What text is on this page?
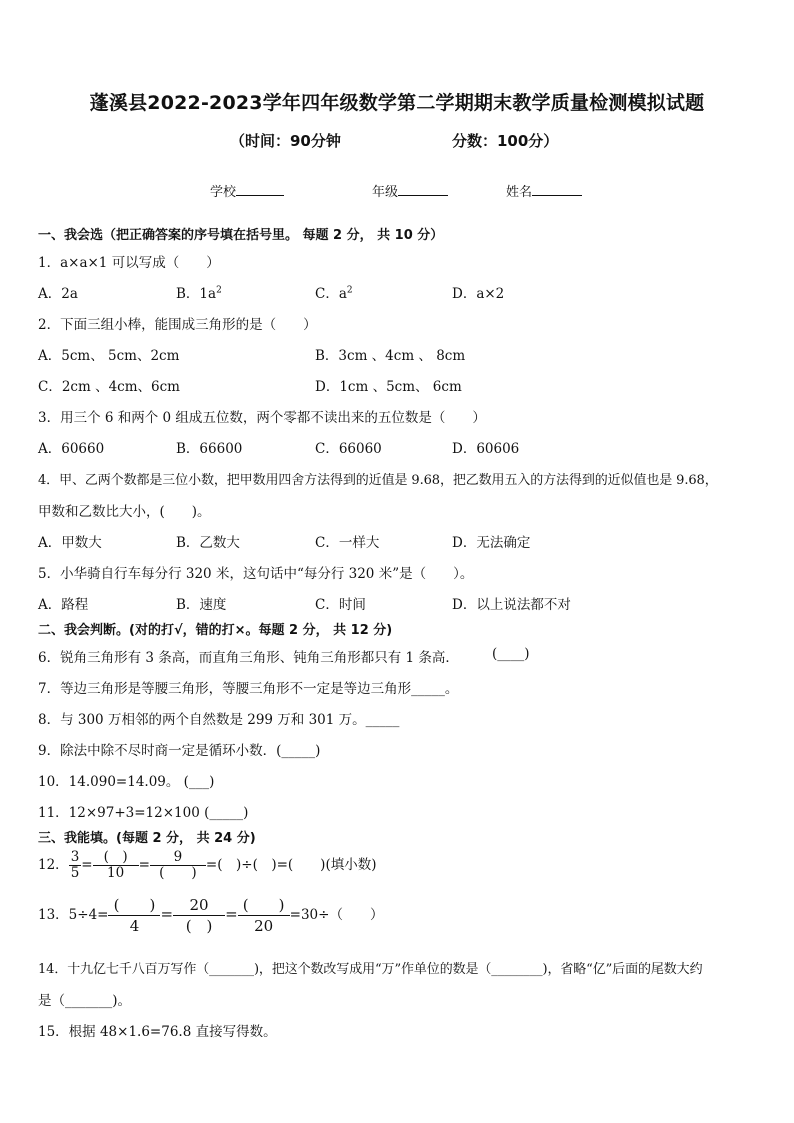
蓬溪县2022-2023学年四年级数学第二学期期末教学质量检测模拟试题
（时间：90分钟	分数：100分）
学校	年级	姓名
一、我会选（把正确答案的序号填在括号里。 每题 2 分， 共 10 分）
1．a×a×1 可以写成（　　）
A．2a	B．$1a^2$	C．$a^2$	D．a×2
2．下面三组小棒，能围成三角形的是（　　）
A．5cm、 5cm、2cm	B．3cm 、4cm 、 8cm
C．2cm 、4cm、6cm	D．1cm 、5cm、 6cm
3．用三个 6 和两个 0 组成五位数，两个零都不读出来的五位数是（　　）
A．60660	B．66600	C．66060	D．60606
4．甲、乙两个数都是三位小数，把甲数用四舍方法得到的近值是 9.68，把乙数用五入的方法得到的近似值也是 9.68，
甲数和乙数比大小，(　　)。
A．甲数大	B．乙数大	C．一样大	D．无法确定
5．小华骑自行车每分行 320 米，这句话中“每分行 320 米”是（　　）。
A．路程	B．速度	C．时间	D．以上说法都不对
二、我会判断。(对的打√，错的打×。每题 2 分， 共 12 分)
6．锐角三角形有 3 条高，而直角三角形、钝角三角形都只有 1 条高． (____)
7．等边三角形是等腰三角形，等腰三角形不一定是等边三角形_____。
8．与 300 万相邻的两个自然数是 299 万和 301 万。_____
9．除法中除不尽时商一定是循环小数．(_____)
10．14.090=14.09。 (___)
11．12×97+3=12×100 (_____)
三、我能填。(每题 2 分， 共 24 分)
12． $\frac{3}{5} = \frac{( )}{10} = \frac{9}{( )}$ =(　)÷(　)=(　　)(填小数)
13．5÷4=
(　　)
4
=	20
(　)
= (　　)
20
=30÷（　　）
14．十九亿七千八百万写作（_______)，把这个数改写成用“万”作单位的数是（________)，省略“亿”后面的尾数大约
是（_______)。
15．根据 48×1.6=76.8 直接写得数。
